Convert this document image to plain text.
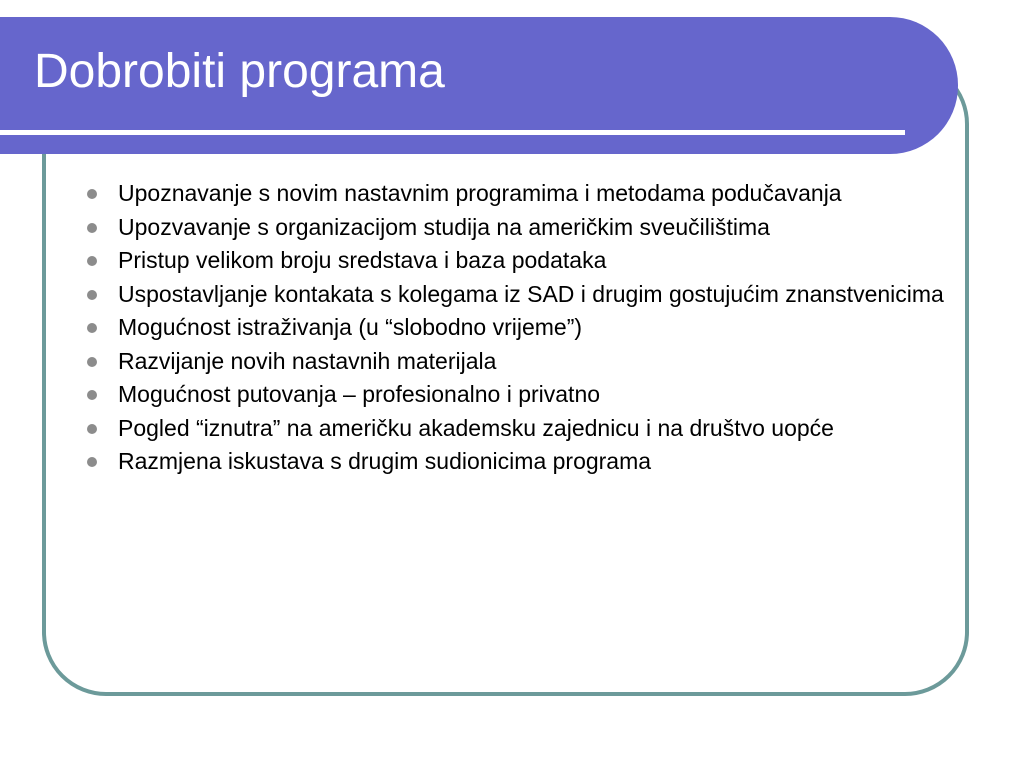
Dobrobiti programa
Upoznavanje s novim nastavnim programima i metodama podučavanja
Upozvavanje s organizacijom studija na američkim sveučilištima
Pristup velikom broju sredstava i baza podataka
Uspostavljanje kontakata s kolegama iz SAD i drugim gostujućim znanstvenicima
Mogućnost istraživanja (u “slobodno vrijeme”)
Razvijanje novih nastavnih materijala
Mogućnost putovanja – profesionalno i privatno
Pogled “iznutra” na američku akademsku zajednicu i na društvo uopće
Razmjena iskustava s drugim sudionicima programa
